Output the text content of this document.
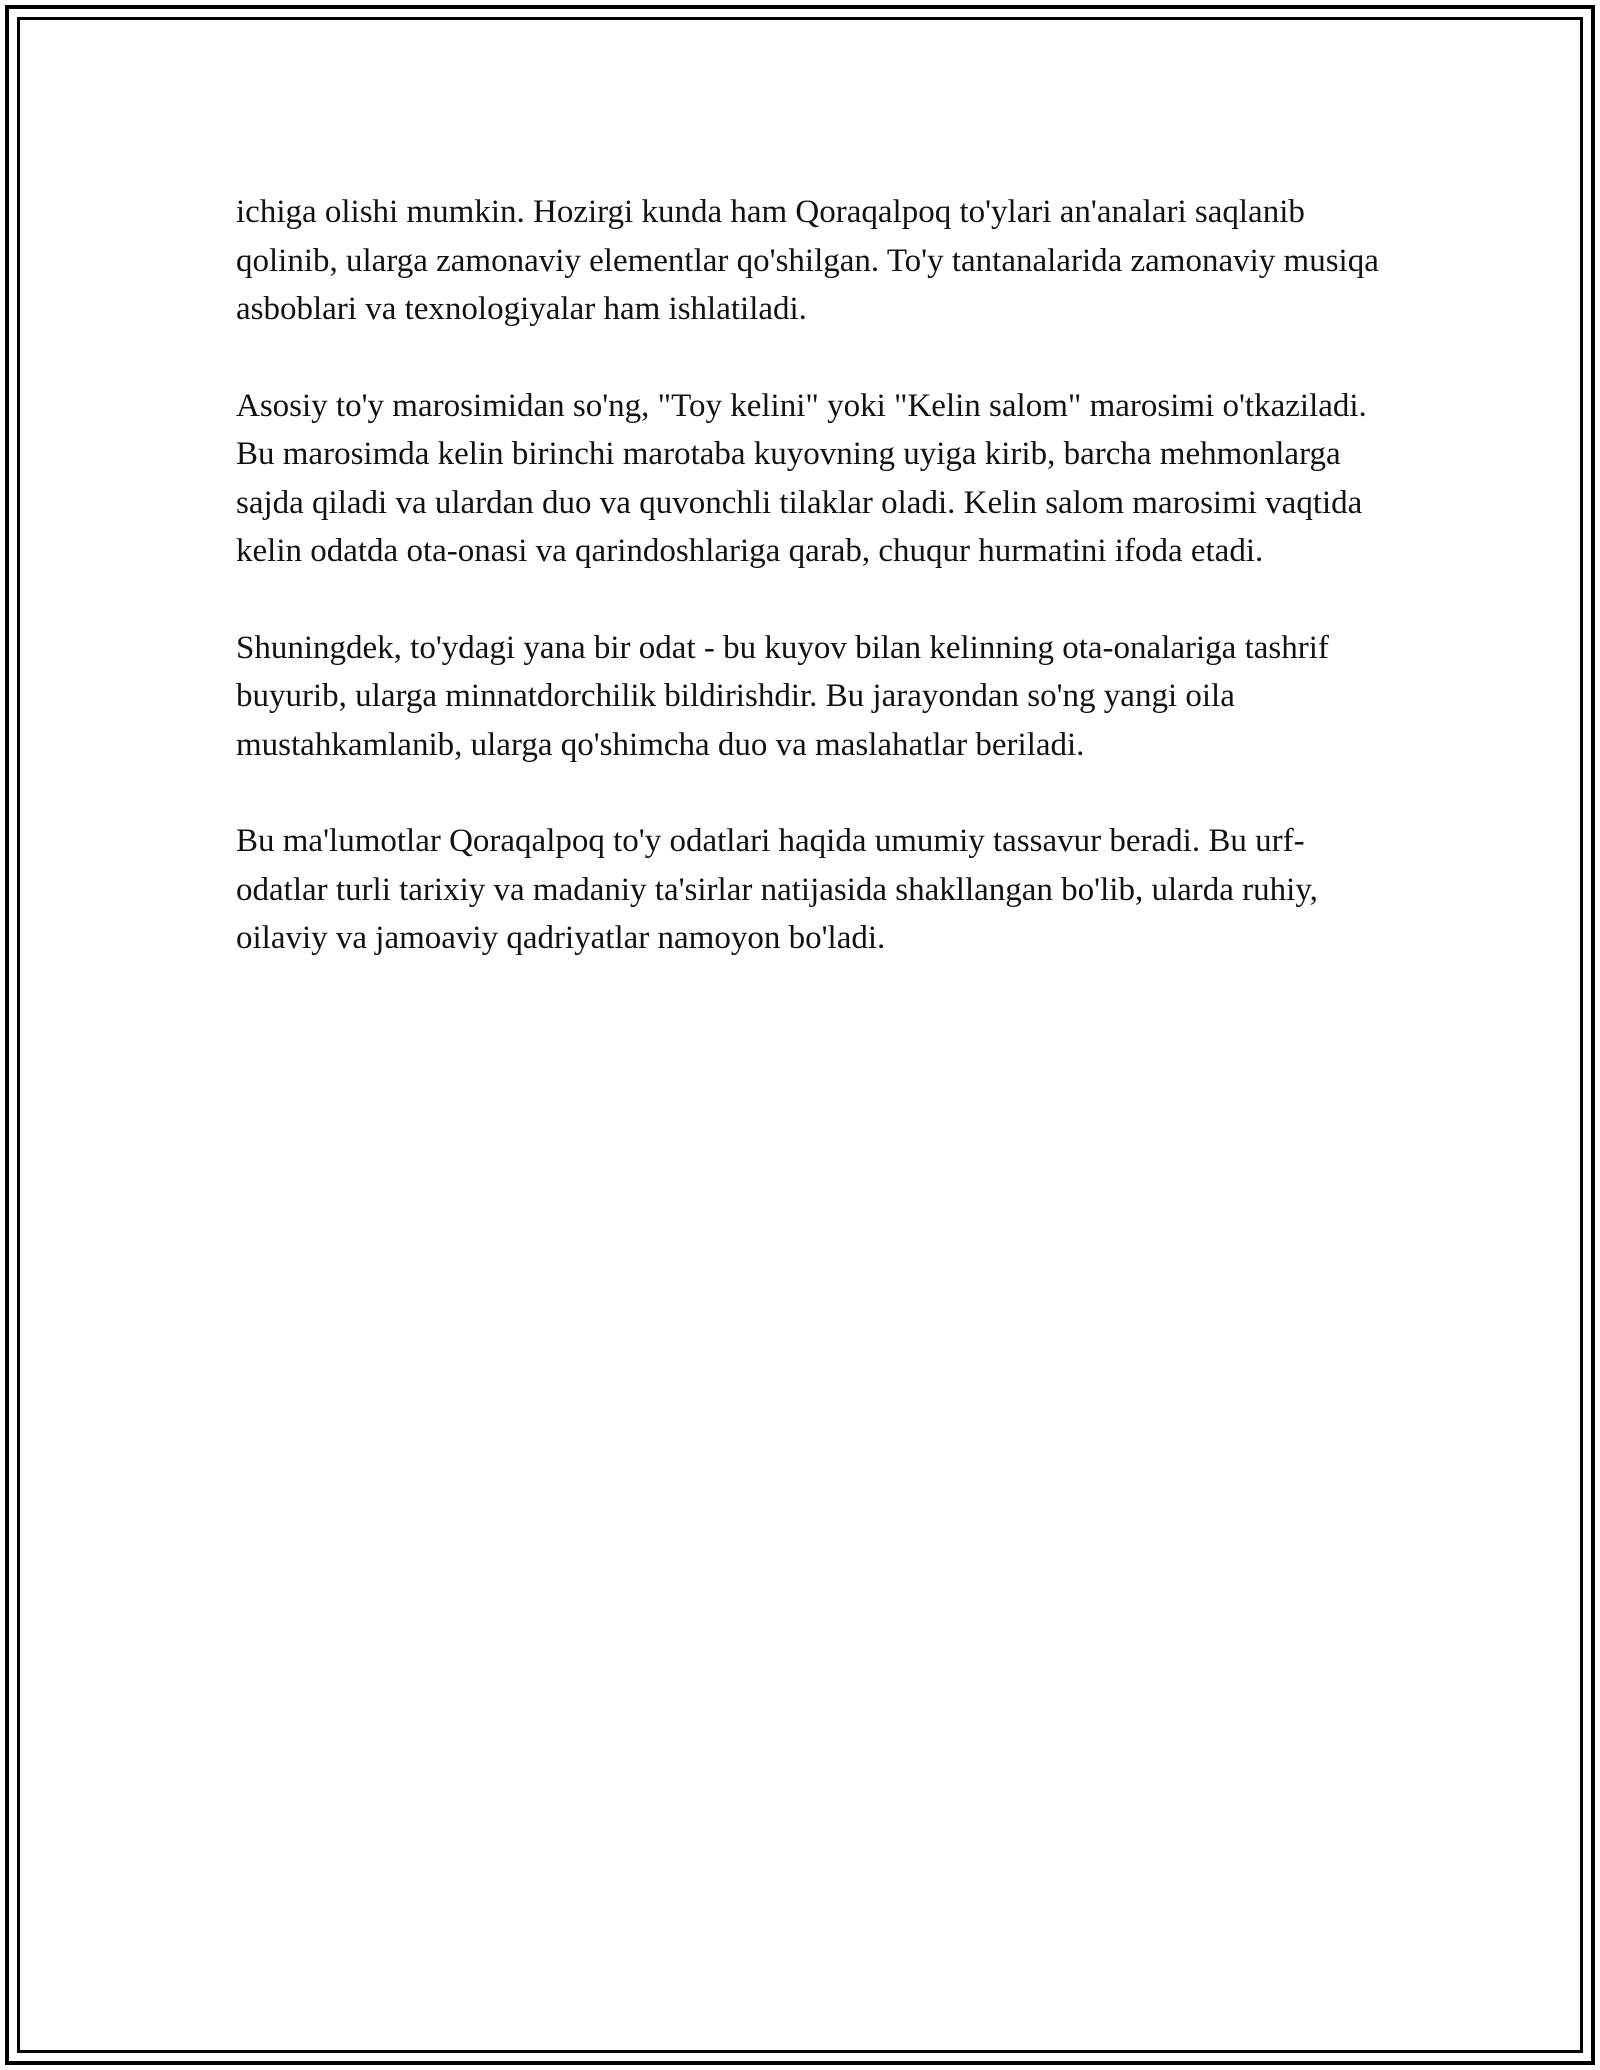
ichiga olishi mumkin. Hozirgi kunda ham Qoraqalpoq to'ylari an'analari saqlanib qolinib, ularga zamonaviy elementlar qo'shilgan. To'y tantanalarida zamonaviy musiqa asboblari va texnologiyalar ham ishlatiladi.

Asosiy to'y marosimidan so'ng, "Toy kelini" yoki "Kelin salom" marosimi o'tkaziladi. Bu marosimda kelin birinchi marotaba kuyovning uyiga kirib, barcha mehmonlarga sajda qiladi va ulardan duo va quvonchli tilaklar oladi. Kelin salom marosimi vaqtida kelin odatda ota-onasi va qarindoshlariga qarab, chuqur hurmatini ifoda etadi.

Shuningdek, to'ydagi yana bir odat - bu kuyov bilan kelinning ota-onalariga tashrif buyurib, ularga minnatdorchilik bildirishdir. Bu jarayondan so'ng yangi oila mustahkamlanib, ularga qo'shimcha duo va maslahatlar beriladi.

Bu ma'lumotlar Qoraqalpoq to'y odatlari haqida umumiy tassavur beradi. Bu urf-odatlar turli tarixiy va madaniy ta'sirlar natijasida shakllangan bo'lib, ularda ruhiy, oilaviy va jamoaviy qadriyatlar namoyon bo'ladi.
